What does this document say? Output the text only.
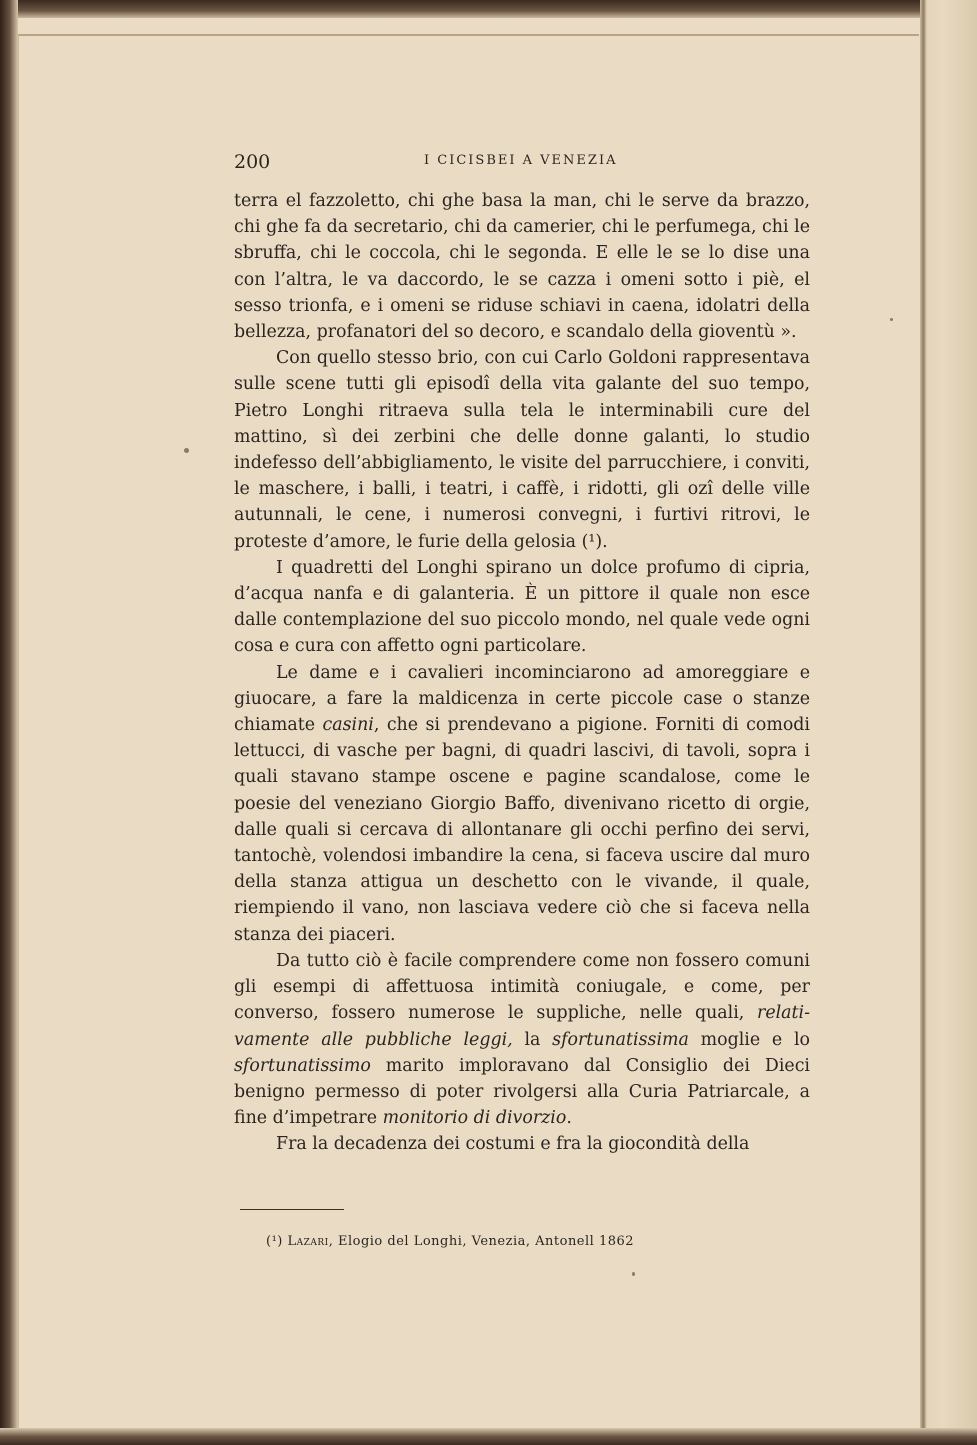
200	I CICISBEI A VENEZIA

terra el fazzoletto, chi ghe basa la man, chi le serve da brazzo, chi ghe fa da secretario, chi da camerier, chi le perfumega, chi le sbruffa, chi le coccola, chi le segonda. E elle le se lo dise una con l’altra, le va daccordo, le se cazza i omeni sotto i piè, el sesso trionfa, e i omeni se riduse schiavi in caena, idolatri della bellezza, profanatori del so decoro, e scandalo della gioventù ».

Con quello stesso brio, con cui Carlo Goldoni rappresentava sulle scene tutti gli episodî della vita galante del suo tempo, Pietro Longhi ritraeva sulla tela le interminabili cure del mattino, sì dei zerbini che delle donne galanti, lo studio indefesso dell’abbigliamento, le visite del parrucchiere, i conviti, le maschere, i balli, i teatri, i caffè, i ridotti, gli ozî delle ville autunnali, le cene, i numerosi convegni, i furtivi ritrovi, le proteste d’amore, le furie della gelosia (¹).

I quadretti del Longhi spirano un dolce profumo di cipria, d’acqua nanfa e di galanteria. È un pittore il quale non esce dalle contemplazione del suo piccolo mondo, nel quale vede ogni cosa e cura con affetto ogni particolare.

Le dame e i cavalieri incominciarono ad amoreggiare e giuocare, a fare la maldicenza in certe piccole case o stanze chiamate casini, che si prendevano a pigione. Forniti di comodi lettucci, di vasche per bagni, di quadri lascivi, di tavoli, sopra i quali stavano stampe oscene e pagine scandalose, come le poesie del veneziano Giorgio Baffo, divenivano ricetto di orgie, dalle quali si cercava di allontanare gli occhi perfino dei servi, tantochè, volendosi imbandire la cena, si faceva uscire dal muro della stanza attigua un deschetto con le vivande, il quale, riempiendo il vano, non lasciava vedere ciò che si faceva nella stanza dei piaceri.

Da tutto ciò è facile comprendere come non fossero comuni gli esempi di affettuosa intimità coniugale, e come, per converso, fossero numerose le suppliche, nelle quali, relativamente alle pubbliche leggi, la sfortunatissima moglie e lo sfortunatissimo marito imploravano dal Consiglio dei Dieci benigno permesso di poter rivolgersi alla Curia Patriarcale, a fine d’impetrare monitorio di divorzio.

Fra la decadenza dei costumi e fra la giocondità della

(¹) Lazari, Elogio del Longhi, Venezia, Antonell 1862
